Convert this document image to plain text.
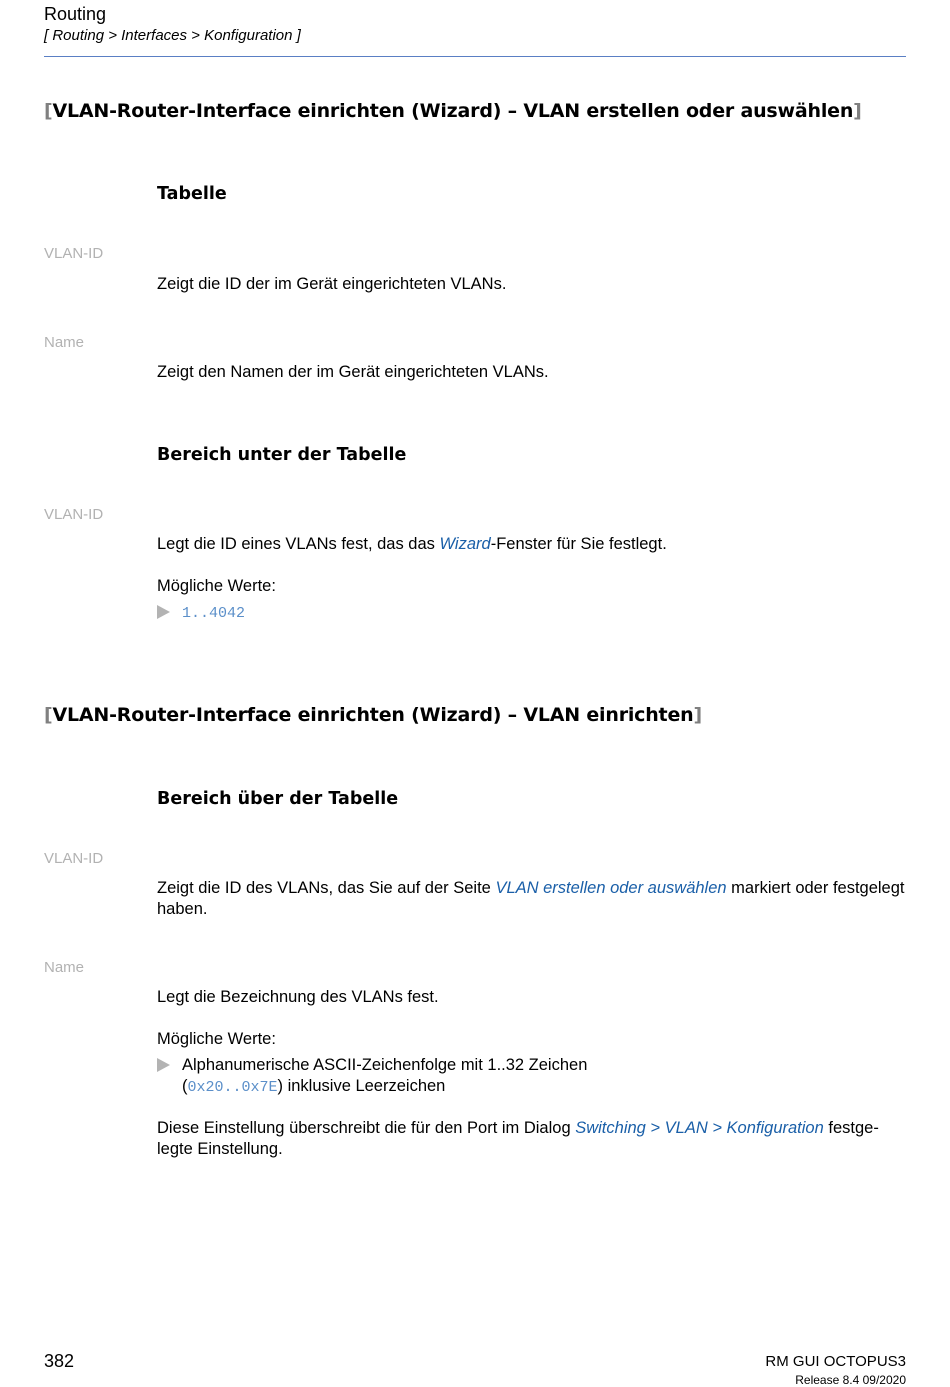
Routing
[ Routing > Interfaces > Konfiguration ]
[VLAN-Router-Interface einrichten (Wizard) – VLAN erstellen oder auswählen]
Tabelle
VLAN-ID
Zeigt die ID der im Gerät eingerichteten VLANs.
Name
Zeigt den Namen der im Gerät eingerichteten VLANs.
Bereich unter der Tabelle
VLAN-ID
Legt die ID eines VLANs fest, das das Wizard-Fenster für Sie festlegt.
Mögliche Werte:
1..4042
[VLAN-Router-Interface einrichten (Wizard) – VLAN einrichten]
Bereich über der Tabelle
VLAN-ID
Zeigt die ID des VLANs, das Sie auf der Seite VLAN erstellen oder auswählen markiert oder festgelegt haben.
Name
Legt die Bezeichnung des VLANs fest.
Mögliche Werte:
Alphanumerische ASCII-Zeichenfolge mit 1..32 Zeichen
(0x20..0x7E) inklusive Leerzeichen
Diese Einstellung überschreibt die für den Port im Dialog Switching > VLAN > Konfiguration festge-legte Einstellung.
382	RM GUI OCTOPUS3
Release 8.4 09/2020
